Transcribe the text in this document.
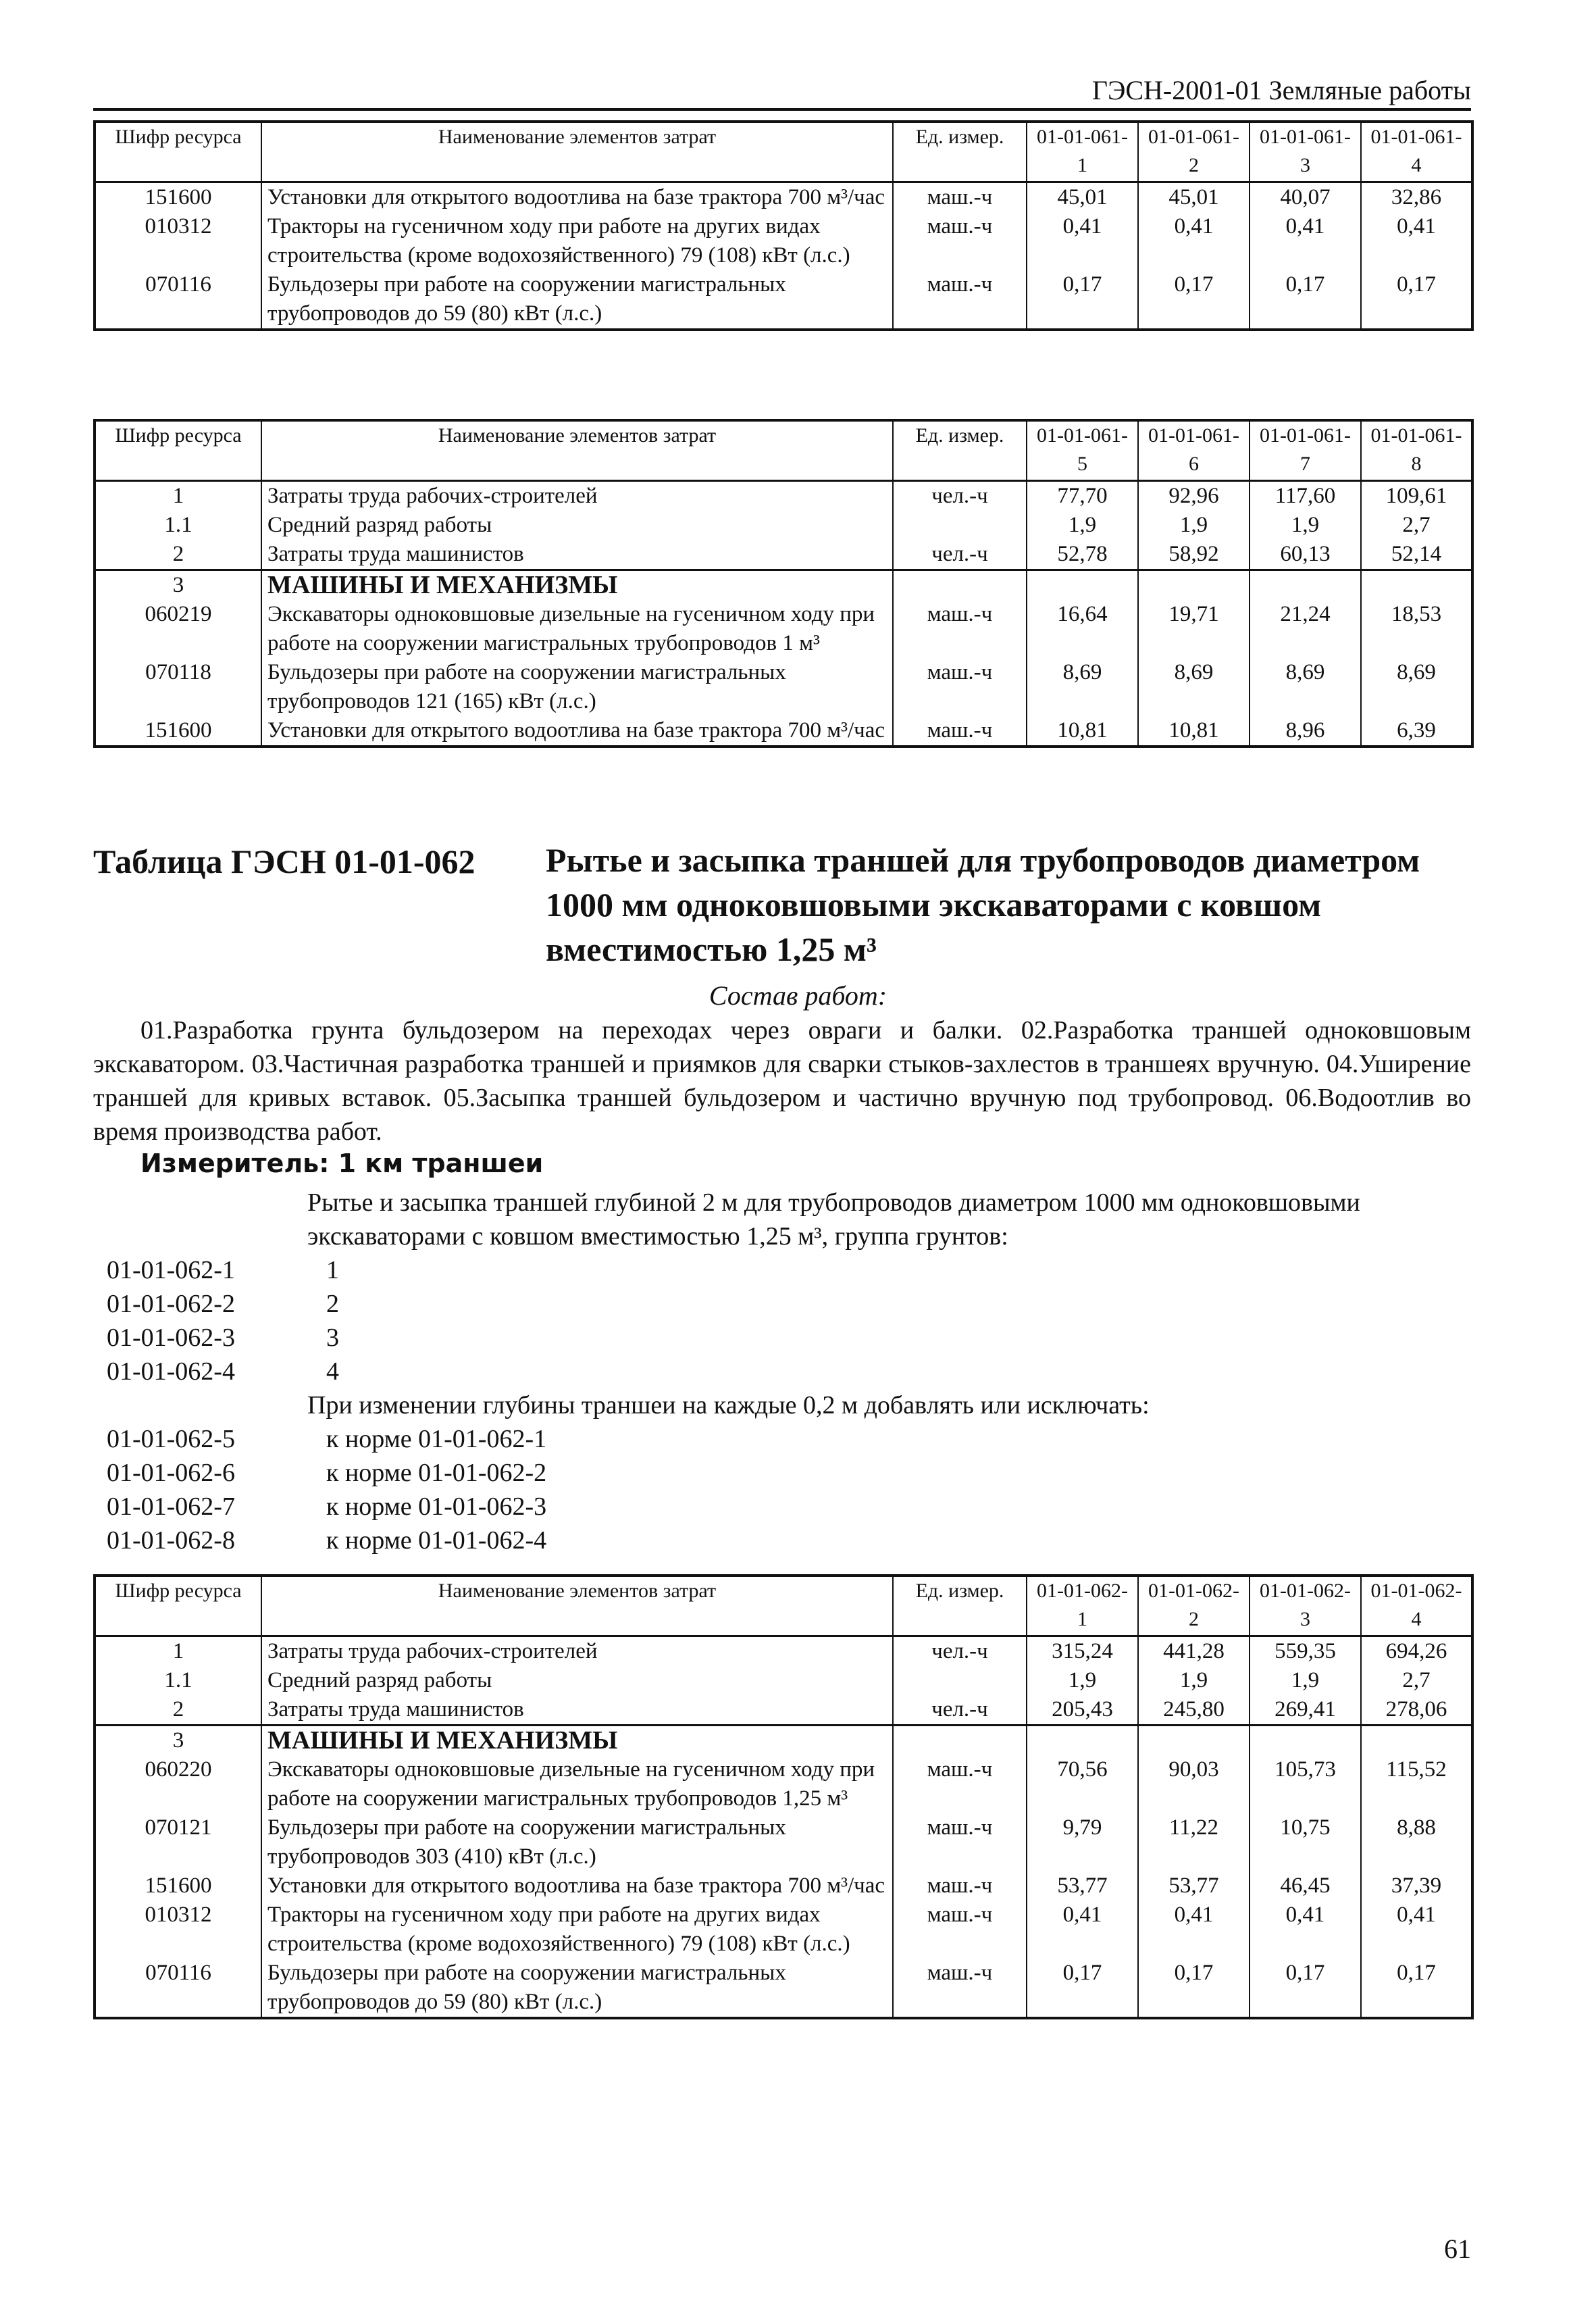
ГЭСН-2001-01 Земляные работы
Шифр ресурса	Наименование элементов затрат	Ед. измер.	01-01-061-1	01-01-061-2	01-01-061-3	01-01-061-4
151600	Установки для открытого водоотлива на базе трактора 700 м³/час	маш.-ч	45,01	45,01	40,07	32,86
010312	Тракторы на гусеничном ходу при работе на других видах строительства (кроме водохозяйственного) 79 (108) кВт (л.с.)	маш.-ч	0,41	0,41	0,41	0,41
070116	Бульдозеры при работе на сооружении магистральных трубопроводов до 59 (80) кВт (л.с.)	маш.-ч	0,17	0,17	0,17	0,17
Шифр ресурса	Наименование элементов затрат	Ед. измер.	01-01-061-5	01-01-061-6	01-01-061-7	01-01-061-8
1	Затраты труда рабочих-строителей	чел.-ч	77,70	92,96	117,60	109,61
1.1	Средний разряд работы		1,9	1,9	1,9	2,7
2	Затраты труда машинистов	чел.-ч	52,78	58,92	60,13	52,14
3	МАШИНЫ И МЕХАНИЗМЫ					
060219	Экскаваторы одноковшовые дизельные на гусеничном ходу при работе на сооружении магистральных трубопроводов 1 м³	маш.-ч	16,64	19,71	21,24	18,53
070118	Бульдозеры при работе на сооружении магистральных трубопроводов 121 (165) кВт (л.с.)	маш.-ч	8,69	8,69	8,69	8,69
151600	Установки для открытого водоотлива на базе трактора 700 м³/час	маш.-ч	10,81	10,81	8,96	6,39
Таблица ГЭСН 01-01-062 Рытье и засыпка траншей для трубопроводов диаметром 1000 мм одноковшовыми экскаваторами с ковшом вместимостью 1,25 м³
Состав работ:

01.Разработка грунта бульдозером на переходах через овраги и балки. 02.Разработка траншей одноковшовым экскаватором. 03.Частичная разработка траншей и приямков для сварки стыков-захлестов в траншеях вручную. 04.Уширение траншей для кривых вставок. 05.Засыпка траншей бульдозером и частично вручную под трубопровод. 06.Водоотлив во время производства работ.

Измеритель: 1 км траншеи
Рытье и засыпка траншей глубиной 2 м для трубопроводов диаметром 1000 мм одноковшовыми экскаваторами с ковшом вместимостью 1,25 м³, группа грунтов:
01-01-062-1	1
01-01-062-2	2
01-01-062-3	3
01-01-062-4	4
При изменении глубины траншеи на каждые 0,2 м добавлять или исключать:
01-01-062-5	к норме 01-01-062-1
01-01-062-6	к норме 01-01-062-2
01-01-062-7	к норме 01-01-062-3
01-01-062-8	к норме 01-01-062-4
Шифр ресурса	Наименование элементов затрат	Ед. измер.	01-01-062-1	01-01-062-2	01-01-062-3	01-01-062-4
1	Затраты труда рабочих-строителей	чел.-ч	315,24	441,28	559,35	694,26
1.1	Средний разряд работы		1,9	1,9	1,9	2,7
2	Затраты труда машинистов	чел.-ч	205,43	245,80	269,41	278,06
3	МАШИНЫ И МЕХАНИЗМЫ					
060220	Экскаваторы одноковшовые дизельные на гусеничном ходу при работе на сооружении магистральных трубопроводов 1,25 м³	маш.-ч	70,56	90,03	105,73	115,52
070121	Бульдозеры при работе на сооружении магистральных трубопроводов 303 (410) кВт (л.с.)	маш.-ч	9,79	11,22	10,75	8,88
151600	Установки для открытого водоотлива на базе трактора 700 м³/час	маш.-ч	53,77	53,77	46,45	37,39
010312	Тракторы на гусеничном ходу при работе на других видах строительства (кроме водохозяйственного) 79 (108) кВт (л.с.)	маш.-ч	0,41	0,41	0,41	0,41
070116	Бульдозеры при работе на сооружении магистральных трубопроводов до 59 (80) кВт (л.с.)	маш.-ч	0,17	0,17	0,17	0,17
61
